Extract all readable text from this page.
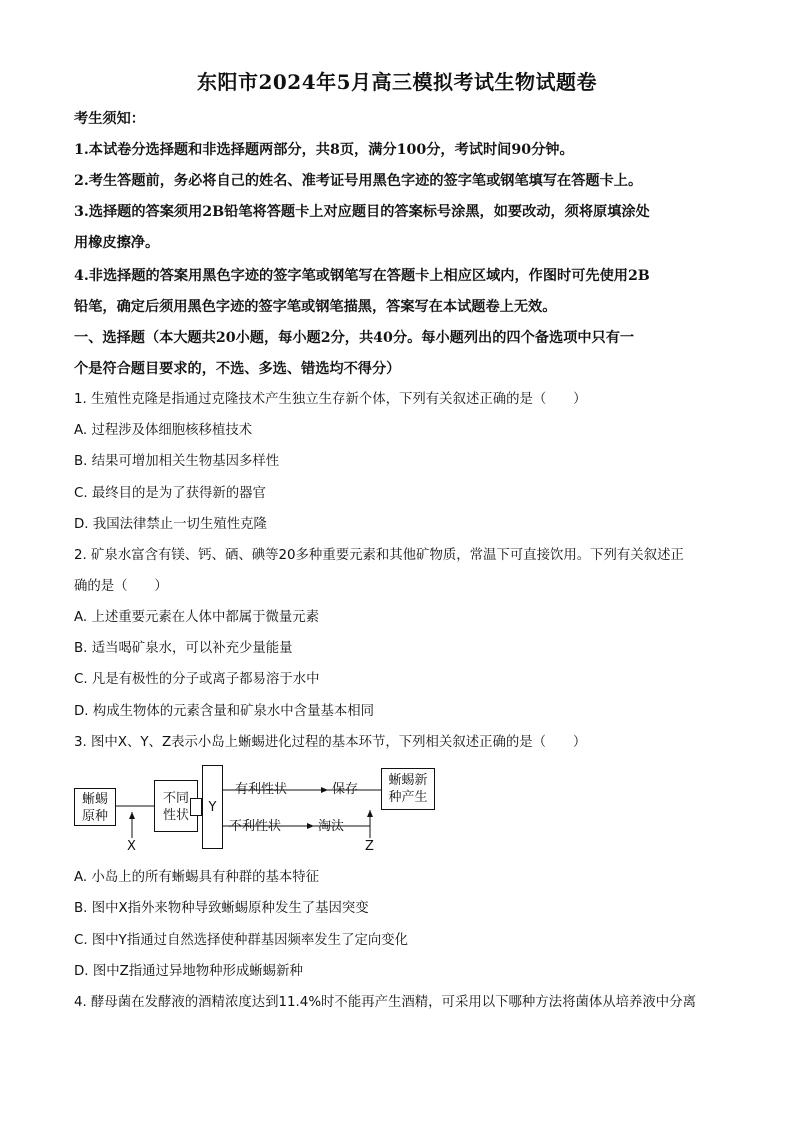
东阳市2024年5月高三模拟考试生物试题卷
考生须知：
1.本试卷分选择题和非选择题两部分，共8页，满分100分，考试时间90分钟。
2.考生答题前，务必将自己的姓名、准考证号用黑色字迹的签字笔或钢笔填写在答题卡上。
3.选择题的答案须用2B铅笔将答题卡上对应题目的答案标号涂黑，如要改动，须将原填涂处
用橡皮擦净。
4.非选择题的答案用黑色字迹的签字笔或钢笔写在答题卡上相应区域内，作图时可先使用2B
铅笔，确定后须用黑色字迹的签字笔或钢笔描黑，答案写在本试题卷上无效。
一、选择题（本大题共20小题，每小题2分，共40分。每小题列出的四个备选项中只有一
个是符合题目要求的，不选、多选、错选均不得分）
1. 生殖性克隆是指通过克隆技术产生独立生存新个体，下列有关叙述正确的是（　　）
A. 过程涉及体细胞核移植技术
B. 结果可增加相关生物基因多样性
C. 最终目的是为了获得新的器官
D. 我国法律禁止一切生殖性克隆
2. 矿泉水富含有镁、钙、硒、碘等20多种重要元素和其他矿物质，常温下可直接饮用。下列有关叙述正
确的是（　　）
A. 上述重要元素在人体中都属于微量元素
B. 适当喝矿泉水，可以补充少量能量
C. 凡是有极性的分子或离子都易溶于水中
D. 构成生物体的元素含量和矿泉水中含量基本相同
3. 图中X、Y、Z表示小岛上蜥蜴进化过程的基本环节，下列相关叙述正确的是（　　）
蜥蜴
原种
不同
性状
Y
有利性状	保存
不利性状	淘汰
蜥蜴新
种产生
X	Z
A. 小岛上的所有蜥蜴具有种群的基本特征
B. 图中X指外来物种导致蜥蜴原种发生了基因突变
C. 图中Y指通过自然选择使种群基因频率发生了定向变化
D. 图中Z指通过异地物种形成蜥蜴新种
4. 酵母菌在发酵液的酒精浓度达到11.4%时不能再产生酒精，可采用以下哪种方法将菌体从培养液中分离
